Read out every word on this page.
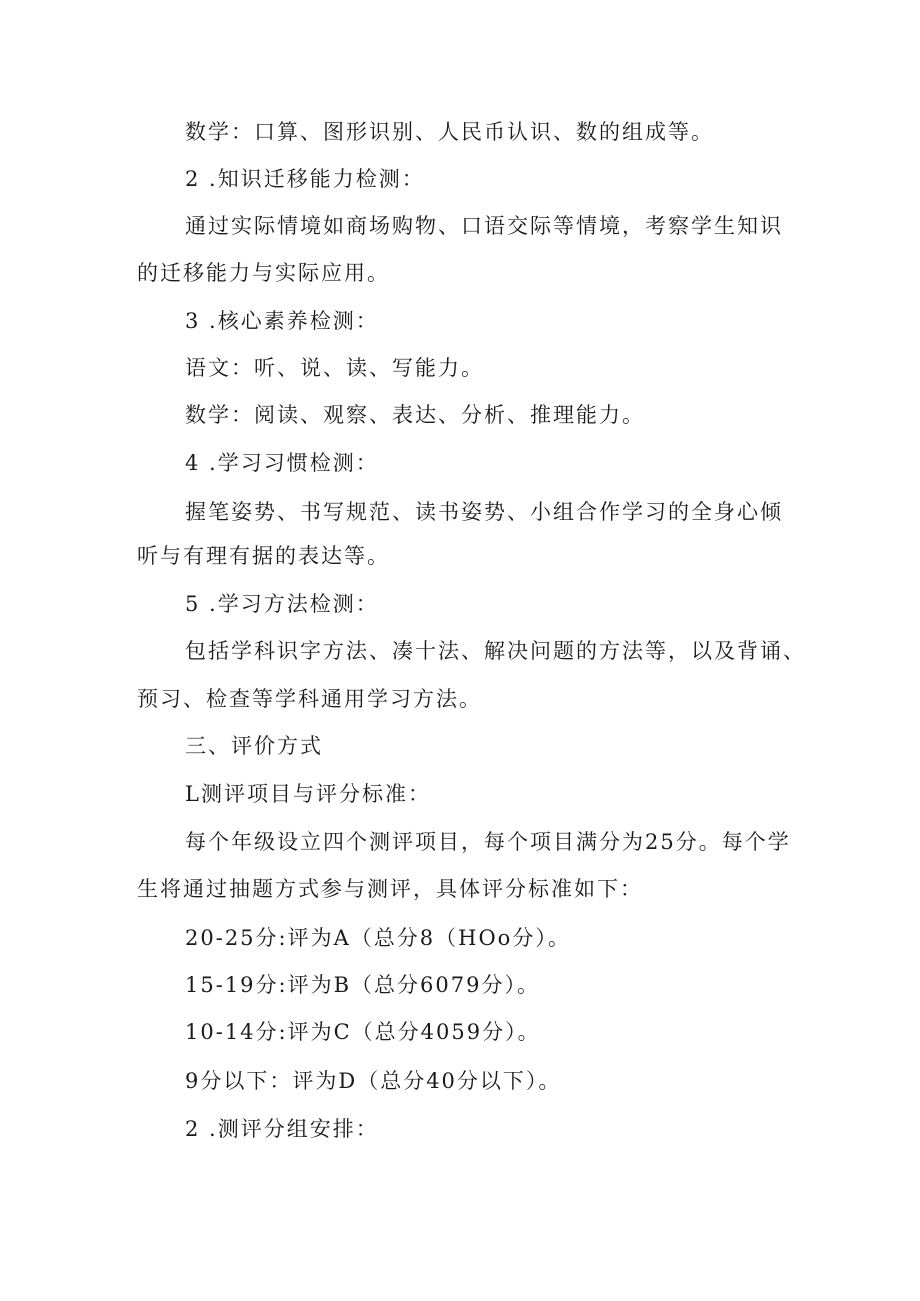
数学：口算、图形识别、人民币认识、数的组成等。
2 .知识迁移能力检测：
通过实际情境如商场购物、口语交际等情境，考察学生知识
的迁移能力与实际应用。
3 .核心素养检测：
语文：听、说、读、写能力。
数学：阅读、观察、表达、分析、推理能力。
4 .学习习惯检测：
握笔姿势、书写规范、读书姿势、小组合作学习的全身心倾
听与有理有据的表达等。
5 .学习方法检测：
包括学科识字方法、凑十法、解决问题的方法等，以及背诵、
预习、检查等学科通用学习方法。
三、评价方式
L测评项目与评分标准：
每个年级设立四个测评项目，每个项目满分为25分。每个学
生将通过抽题方式参与测评，具体评分标准如下：
20-25分:评为A（总分8（HOo分）。
15-19分:评为B（总分6079分）。
10-14分:评为C（总分4059分）。
9分以下：评为D（总分40分以下）。
2 .测评分组安排：
